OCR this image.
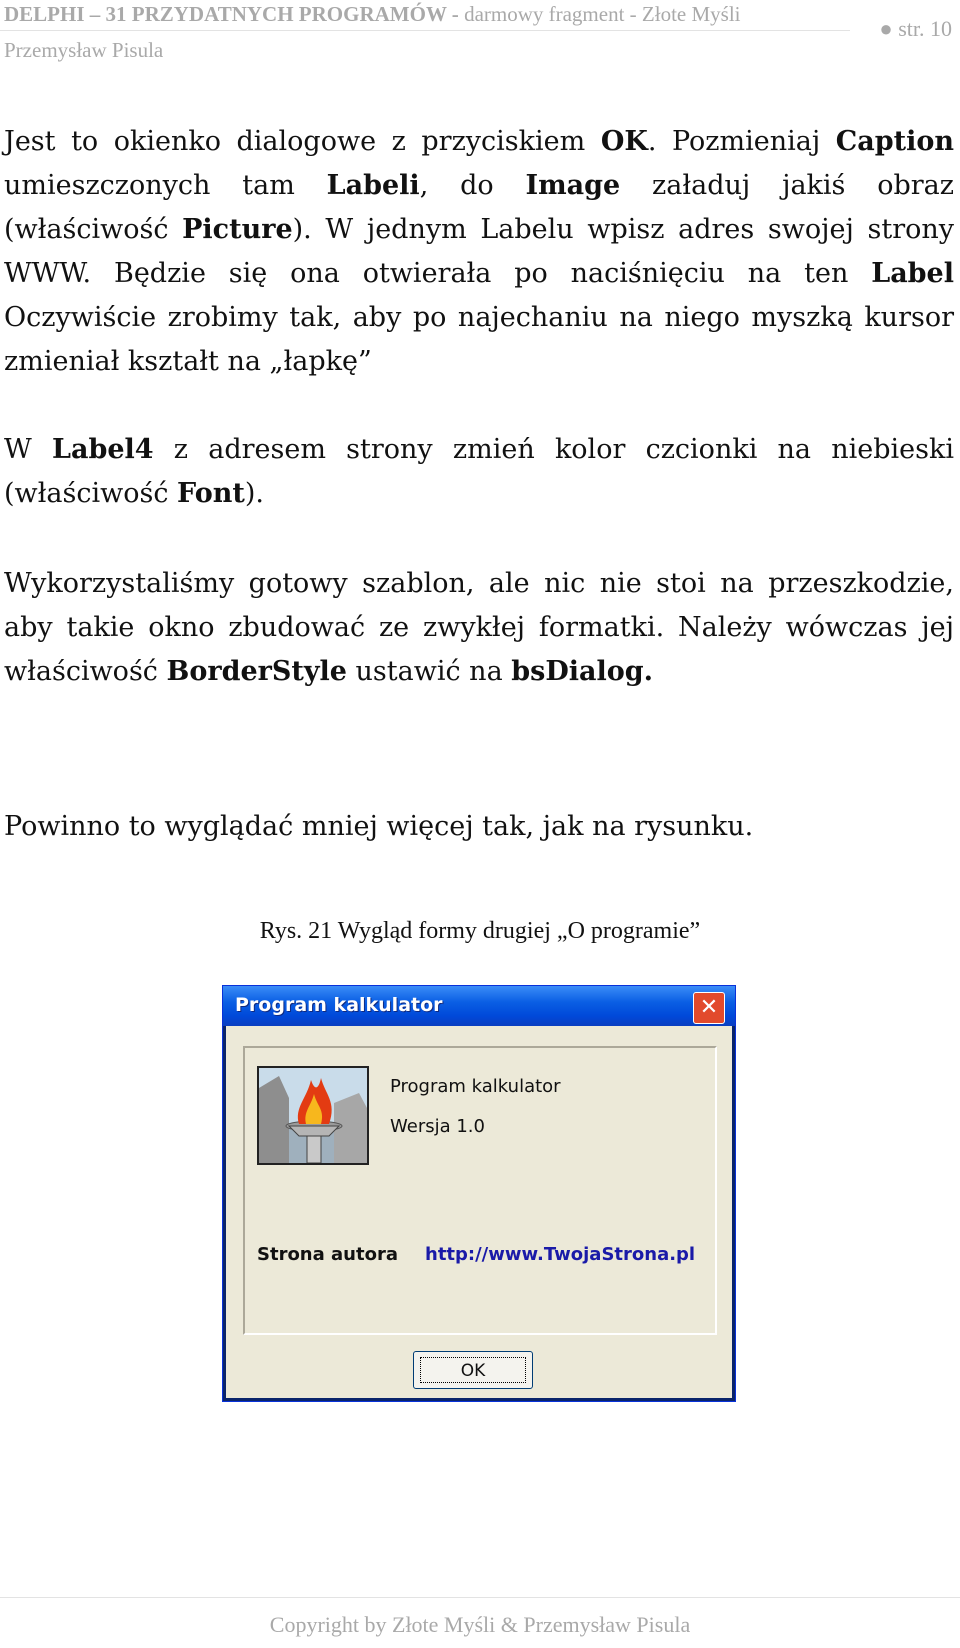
DELPHI – 31 PRZYDATNYCH PROGRAMÓW - darmowy fragment - Złote Myśli
Przemysław Pisula
● str. 10
Jest to okienko dialogowe z przyciskiem OK. Pozmieniaj Caption umieszczonych tam Labeli, do Image załaduj jakiś obraz (właściwość Picture). W jednym Labelu wpisz adres swojej strony WWW. Będzie się ona otwierała po naciśnięciu na ten Label Oczywiście zrobimy tak, aby po najechaniu na niego myszką kursor zmieniał kształt na „łapkę”
W Label4 z adresem strony zmień kolor czcionki na niebieski (właściwość Font).
Wykorzystaliśmy gotowy szablon, ale nic nie stoi na przeszkodzie, aby takie okno zbudować ze zwykłej formatki. Należy wówczas jej właściwość BorderStyle ustawić na bsDialog.
Powinno to wyglądać mniej więcej tak, jak na rysunku.
Rys. 21 Wygląd formy drugiej „O programie”
Program kalkulator	✕
Program kalkulator
Wersja 1.0
Strona autora http://www.TwojaStrona.pl
OK
Copyright by Złote Myśli & Przemysław Pisula
